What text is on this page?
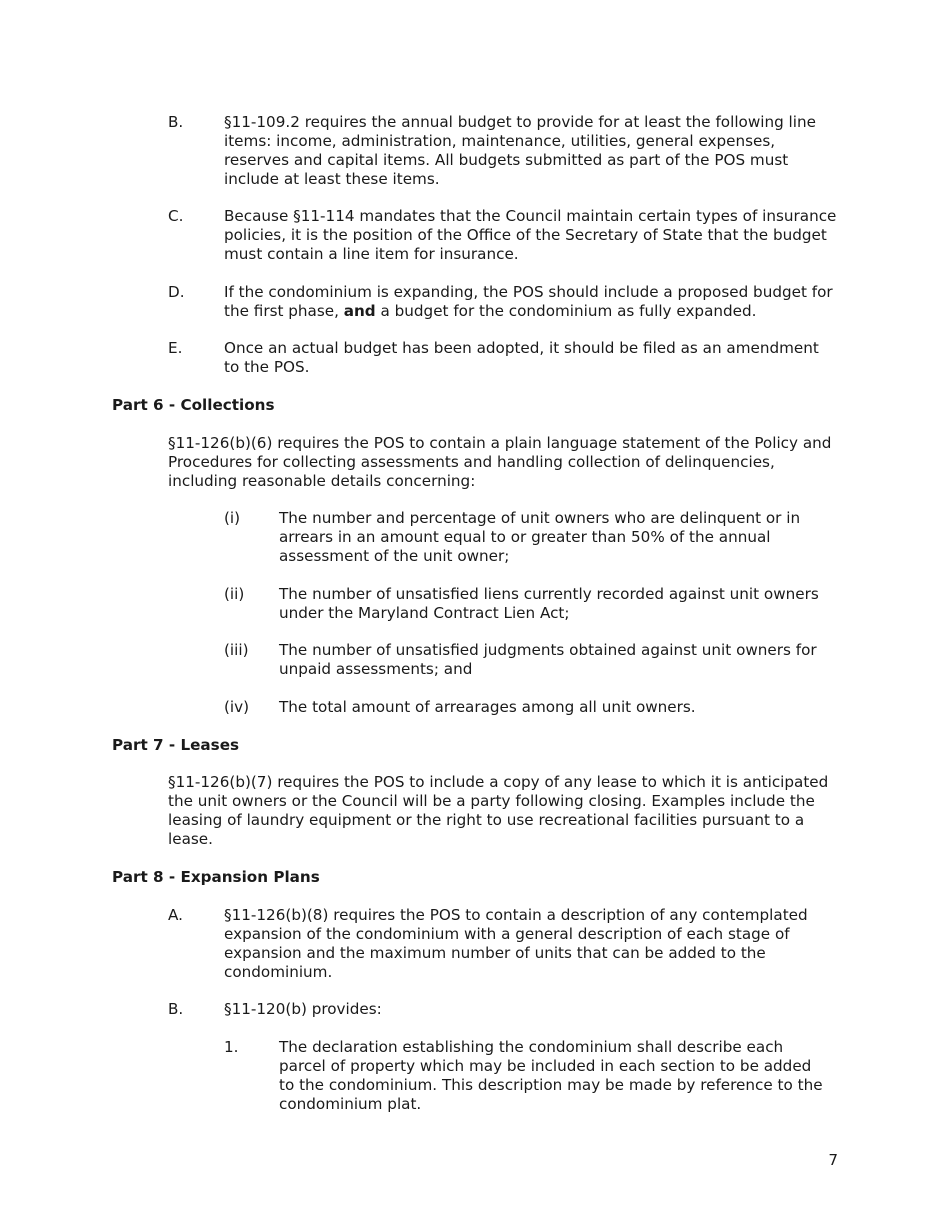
B.	§11-109.2 requires the annual budget to provide for at least the following line items: income, administration, maintenance, utilities, general expenses, reserves and capital items. All budgets submitted as part of the POS must include at least these items.
C.	Because §11-114 mandates that the Council maintain certain types of insurance policies, it is the position of the Office of the Secretary of State that the budget must contain a line item for insurance.
D.	If the condominium is expanding, the POS should include a proposed budget for the first phase, and a budget for the condominium as fully expanded.
E.	Once an actual budget has been adopted, it should be filed as an amendment to the POS.
Part 6 - Collections
§11-126(b)(6) requires the POS to contain a plain language statement of the Policy and Procedures for collecting assessments and handling collection of delinquencies, including reasonable details concerning:
(i)	The number and percentage of unit owners who are delinquent or in arrears in an amount equal to or greater than 50% of the annual assessment of the unit owner;
(ii) The number of unsatisfied liens currently recorded against unit owners under the Maryland Contract Lien Act;
(iii) The number of unsatisfied judgments obtained against unit owners for unpaid assessments; and
(iv) The total amount of arrearages among all unit owners.
Part 7 - Leases
§11-126(b)(7) requires the POS to include a copy of any lease to which it is anticipated the unit owners or the Council will be a party following closing. Examples include the leasing of laundry equipment or the right to use recreational facilities pursuant to a lease.
Part 8 - Expansion Plans
A.	§11-126(b)(8) requires the POS to contain a description of any contemplated expansion of the condominium with a general description of each stage of expansion and the maximum number of units that can be added to the condominium.
B.	§11-120(b) provides:
1.	The declaration establishing the condominium shall describe each parcel of property which may be included in each section to be added to the condominium. This description may be made by reference to the condominium plat.
7
